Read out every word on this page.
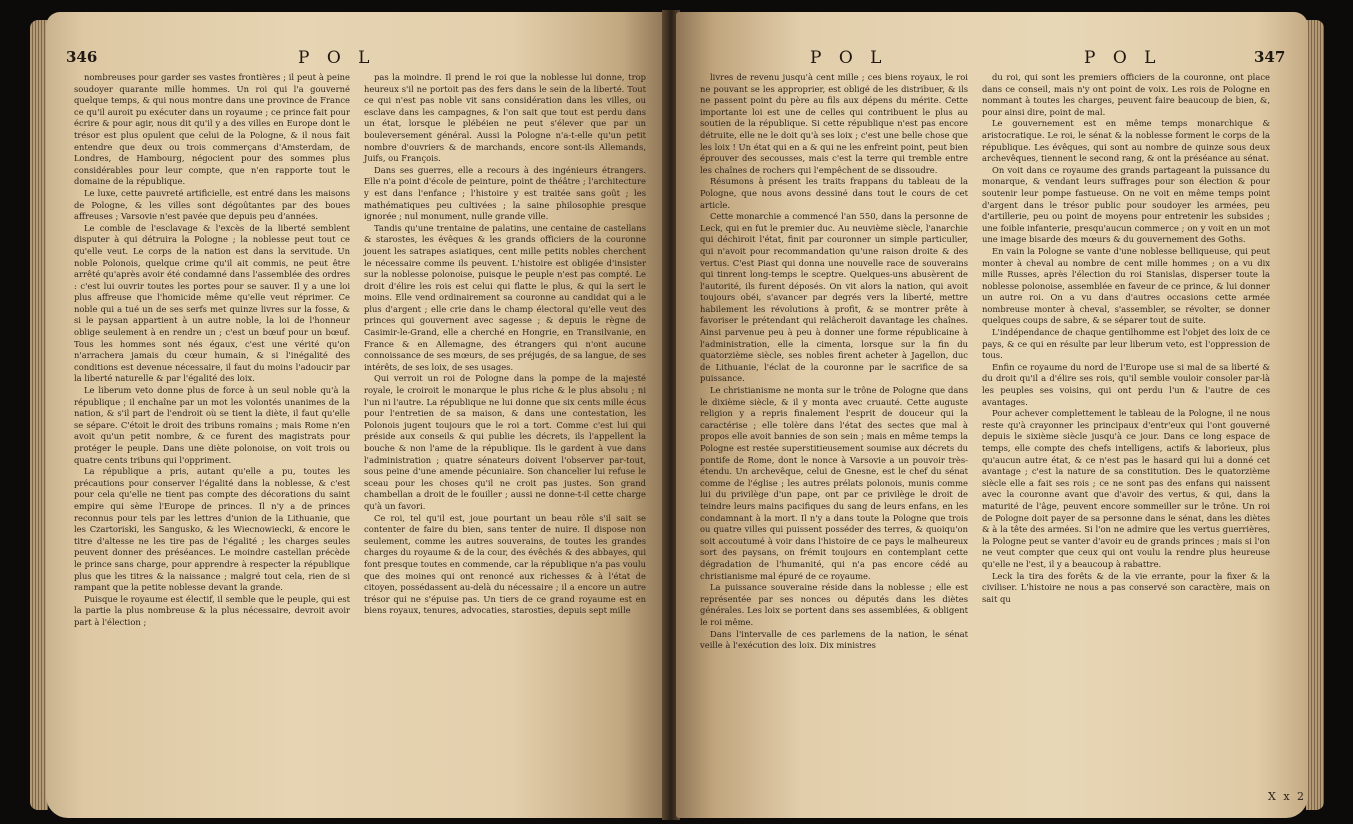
346	P O L

nombreuses pour garder ses vastes frontières ; il peut à peine soudoyer quarante mille hommes. Un roi qui l'a gouverné quelque temps, & qui nous montre dans une province de France ce qu'il auroit pu exécuter dans un royaume ; ce prince fait pour écrire & pour agir, nous dit qu'il y a des villes en Europe dont le trésor est plus opulent que celui de la Pologne, & il nous fait entendre que deux ou trois commerçans d'Amsterdam, de Londres, de Hambourg, négocient pour des sommes plus considérables pour leur compte, que n'en rapporte tout le domaine de la république.

Le luxe, cette pauvreté artificielle, est entré dans les maisons de Pologne, & les villes sont dégoûtantes par des boues affreuses ; Varsovie n'est pavée que depuis peu d'années.

Le comble de l'esclavage & l'excès de la liberté semblent disputer à qui détruira la Pologne ; la noblesse peut tout ce qu'elle veut. Le corps de la nation est dans la servitude. Un noble Polonois, quelque crime qu'il ait commis, ne peut être arrêté qu'après avoir été condamné dans l'assemblée des ordres : c'est lui ouvrir toutes les portes pour se sauver. Il y a une loi plus affreuse que l'homicide même qu'elle veut réprimer. Ce noble qui a tué un de ses serfs met quinze livres sur la fosse, & si le paysan appartient à un autre noble, la loi de l'honneur oblige seulement à en rendre un ; c'est un bœuf pour un bœuf. Tous les hommes sont nés égaux, c'est une vérité qu'on n'arrachera jamais du cœur humain, & si l'inégalité des conditions est devenue nécessaire, il faut du moins l'adoucir par la liberté naturelle & par l'égalité des loix.

Le liberum veto donne plus de force à un seul noble qu'à la république ; il enchaîne par un mot les volontés unanimes de la nation, & s'il part de l'endroit où se tient la diète, il faut qu'elle se sépare. C'étoit le droit des tribuns romains ; mais Rome n'en avoit qu'un petit nombre, & ce furent des magistrats pour protéger le peuple. Dans une diète polonoise, on voit trois ou quatre cents tribuns qui l'oppriment.

La république a pris, autant qu'elle a pu, toutes les précautions pour conserver l'égalité dans la noblesse, & c'est pour cela qu'elle ne tient pas compte des décorations du saint empire qui sème l'Europe de princes. Il n'y a de princes reconnus pour tels par les lettres d'union de la Lithuanie, que les Czartoriski, les Sangusko, & les Wiecnowiecki, & encore le titre d'altesse ne les tire pas de l'égalité ; les charges seules peuvent donner des préséances. Le moindre castellan précède le prince sans charge, pour apprendre à respecter la république plus que les titres & la naissance ; malgré tout cela, rien de si rampant que la petite noblesse devant la grande.

Puisque le royaume est électif, il semble que le peuple, qui est la partie la plus nombreuse & la plus nécessaire, devroit avoir part à l'élection ;

pas la moindre. Il prend le roi que la noblesse lui donne, trop heureux s'il ne portoit pas des fers dans le sein de la liberté. Tout ce qui n'est pas noble vit sans considération dans les villes, ou esclave dans les campagnes, & l'on sait que tout est perdu dans un état, lorsque le plébéien ne peut s'élever que par un bouleversement général. Aussi la Pologne n'a-t-elle qu'un petit nombre d'ouvriers & de marchands, encore sont-ils Allemands, Juifs, ou François.

Dans ses guerres, elle a recours à des ingénieurs étrangers. Elle n'a point d'école de peinture, point de théâtre ; l'architecture y est dans l'enfance ; l'histoire y est traitée sans goût ; les mathématiques peu cultivées ; la saine philosophie presque ignorée ; nul monument, nulle grande ville.

Tandis qu'une trentaine de palatins, une centaine de castellans & starostes, les évêques & les grands officiers de la couronne jouent les satrapes asiatiques, cent mille petits nobles cherchent le nécessaire comme ils peuvent. L'histoire est obligée d'insister sur la noblesse polonoise, puisque le peuple n'est pas compté. Le droit d'élire les rois est celui qui flatte le plus, & qui la sert le moins. Elle vend ordinairement sa couronne au candidat qui a le plus d'argent ; elle crie dans le champ électoral qu'elle veut des princes qui gouvernent avec sagesse ; & depuis le règne de Casimir-le-Grand, elle a cherché en Hongrie, en Transilvanie, en France & en Allemagne, des étrangers qui n'ont aucune connoissance de ses mœurs, de ses préjugés, de sa langue, de ses intérêts, de ses loix, de ses usages.

Qui verroit un roi de Pologne dans la pompe de la majesté royale, le croiroit le monarque le plus riche & le plus absolu ; ni l'un ni l'autre. La république ne lui donne que six cents mille écus pour l'entretien de sa maison, & dans une contestation, les Polonois jugent toujours que le roi a tort. Comme c'est lui qui préside aux conseils & qui publie les décrets, ils l'appellent la bouche & non l'ame de la république. Ils le gardent à vue dans l'administration ; quatre sénateurs doivent l'observer par-tout, sous peine d'une amende pécuniaire. Son chancelier lui refuse le sceau pour les choses qu'il ne croit pas justes. Son grand chambellan a droit de le fouiller ; aussi ne donne-t-il cette charge qu'à un favori.

Ce roi, tel qu'il est, joue pourtant un beau rôle s'il sait se contenter de faire du bien, sans tenter de nuire. Il dispose non seulement, comme les autres souverains, de toutes les grandes charges du royaume & de la cour, des évêchés & des abbayes, qui font presque toutes en commende, car la république n'a pas voulu que des moines qui ont renoncé aux richesses & à l'état de citoyen, possédassent au-delà du nécessaire ; il a encore un autre trésor qui ne s'épuise pas. Un tiers de ce grand royaume est en biens royaux, tenures, advocaties, starosties, depuis sept mille

P O L	P O L	347

livres de revenu jusqu'à cent mille ; ces biens royaux, le roi ne pouvant se les approprier, est obligé de les distribuer, & ils ne passent point du père au fils aux dépens du mérite. Cette importante loi est une de celles qui contribuent le plus au soutien de la république. Si cette république n'est pas encore détruite, elle ne le doit qu'à ses loix ; c'est une belle chose que les loix ! Un état qui en a & qui ne les enfreint point, peut bien éprouver des secousses, mais c'est la terre qui tremble entre les chaînes de rochers qui l'empêchent de se dissoudre.

Résumons à présent les traits frappans du tableau de la Pologne, que nous avons dessiné dans tout le cours de cet article.

Cette monarchie a commencé l'an 550, dans la personne de Leck, qui en fut le premier duc. Au neuvième siècle, l'anarchie qui déchiroit l'état, finit par couronner un simple particulier, qui n'avoit pour recommandation qu'une raison droite & des vertus. C'est Piast qui donna une nouvelle race de souverains qui tinrent long-temps le sceptre. Quelques-uns abusèrent de l'autorité, ils furent déposés. On vit alors la nation, qui avoit toujours obéi, s'avancer par degrés vers la liberté, mettre habilement les révolutions à profit, & se montrer prête à favoriser le prétendant qui relâcheroit davantage les chaînes. Ainsi parvenue peu à peu à donner une forme républicaine à l'administration, elle la cimenta, lorsque sur la fin du quatorzième siècle, ses nobles firent acheter à Jagellon, duc de Lithuanie, l'éclat de la couronne par le sacrifice de sa puissance.

Le christianisme ne monta sur le trône de Pologne que dans le dixième siècle, & il y monta avec cruauté. Cette auguste religion y a repris finalement l'esprit de douceur qui la caractérise ; elle tolère dans l'état des sectes que mal à propos elle avoit bannies de son sein ; mais en même temps la Pologne est restée superstitieusement soumise aux décrets du pontife de Rome, dont le nonce à Varsovie a un pouvoir très-étendu. Un archevêque, celui de Gnesne, est le chef du sénat comme de l'église ; les autres prélats polonois, munis comme lui du privilège d'un pape, ont par ce privilège le droit de teindre leurs mains pacifiques du sang de leurs enfans, en les condamnant à la mort. Il n'y a dans toute la Pologne que trois ou quatre villes qui puissent posséder des terres, & quoiqu'on soit accoutumé à voir dans l'histoire de ce pays le malheureux sort des paysans, on frémit toujours en contemplant cette dégradation de l'humanité, qui n'a pas encore cédé au christianisme mal épuré de ce royaume.

La puissance souveraine réside dans la noblesse ; elle est représentée par ses nonces ou députés dans les diètes générales. Les loix se portent dans ses assemblées, & obligent le roi même.

Dans l'intervalle de ces parlemens de la nation, le sénat veille à l'exécution des loix. Dix ministres

du roi, qui sont les premiers officiers de la couronne, ont place dans ce conseil, mais n'y ont point de voix. Les rois de Pologne en nommant à toutes les charges, peuvent faire beaucoup de bien, &, pour ainsi dire, point de mal.

Le gouvernement est en même temps monarchique & aristocratique. Le roi, le sénat & la noblesse forment le corps de la république. Les évêques, qui sont au nombre de quinze sous deux archevêques, tiennent le second rang, & ont la préséance au sénat.

On voit dans ce royaume des grands partageant la puissance du monarque, & vendant leurs suffrages pour son élection & pour soutenir leur pompe fastueuse. On ne voit en même temps point d'argent dans le trésor public pour soudoyer les armées, peu d'artillerie, peu ou point de moyens pour entretenir les subsides ; une foible infanterie, presqu'aucun commerce ; on y voit en un mot une image bisarde des mœurs & du gouvernement des Goths.

En vain la Pologne se vante d'une noblesse belliqueuse, qui peut monter à cheval au nombre de cent mille hommes ; on a vu dix mille Russes, après l'élection du roi Stanislas, disperser toute la noblesse polonoise, assemblée en faveur de ce prince, & lui donner un autre roi. On a vu dans d'autres occasions cette armée nombreuse monter à cheval, s'assembler, se révolter, se donner quelques coups de sabre, & se séparer tout de suite.

L'indépendance de chaque gentilhomme est l'objet des loix de ce pays, & ce qui en résulte par leur liberum veto, est l'oppression de tous.

Enfin ce royaume du nord de l'Europe use si mal de sa liberté & du droit qu'il a d'élire ses rois, qu'il semble vouloir consoler par-là les peuples ses voisins, qui ont perdu l'un & l'autre de ces avantages.

Pour achever complettement le tableau de la Pologne, il ne nous reste qu'à crayonner les principaux d'entr'eux qui l'ont gouverné depuis le sixième siècle jusqu'à ce jour. Dans ce long espace de temps, elle compte des chefs intelligens, actifs & laborieux, plus qu'aucun autre état, & ce n'est pas le hasard qui lui a donné cet avantage ; c'est la nature de sa constitution. Des le quatorzième siècle elle a fait ses rois ; ce ne sont pas des enfans qui naissent avec la couronne avant que d'avoir des vertus, & qui, dans la maturité de l'âge, peuvent encore sommeiller sur le trône. Un roi de Pologne doit payer de sa personne dans le sénat, dans les diètes & à la tête des armées. Si l'on ne admire que les vertus guerrières, la Pologne peut se vanter d'avoir eu de grands princes ; mais si l'on ne veut compter que ceux qui ont voulu la rendre plus heureuse qu'elle ne l'est, il y a beaucoup à rabattre.

Leck la tira des forêts & de la vie errante, pour la fixer & la civiliser. L'histoire ne nous a pas conservé son caractère, mais on sait qu

X x 2
